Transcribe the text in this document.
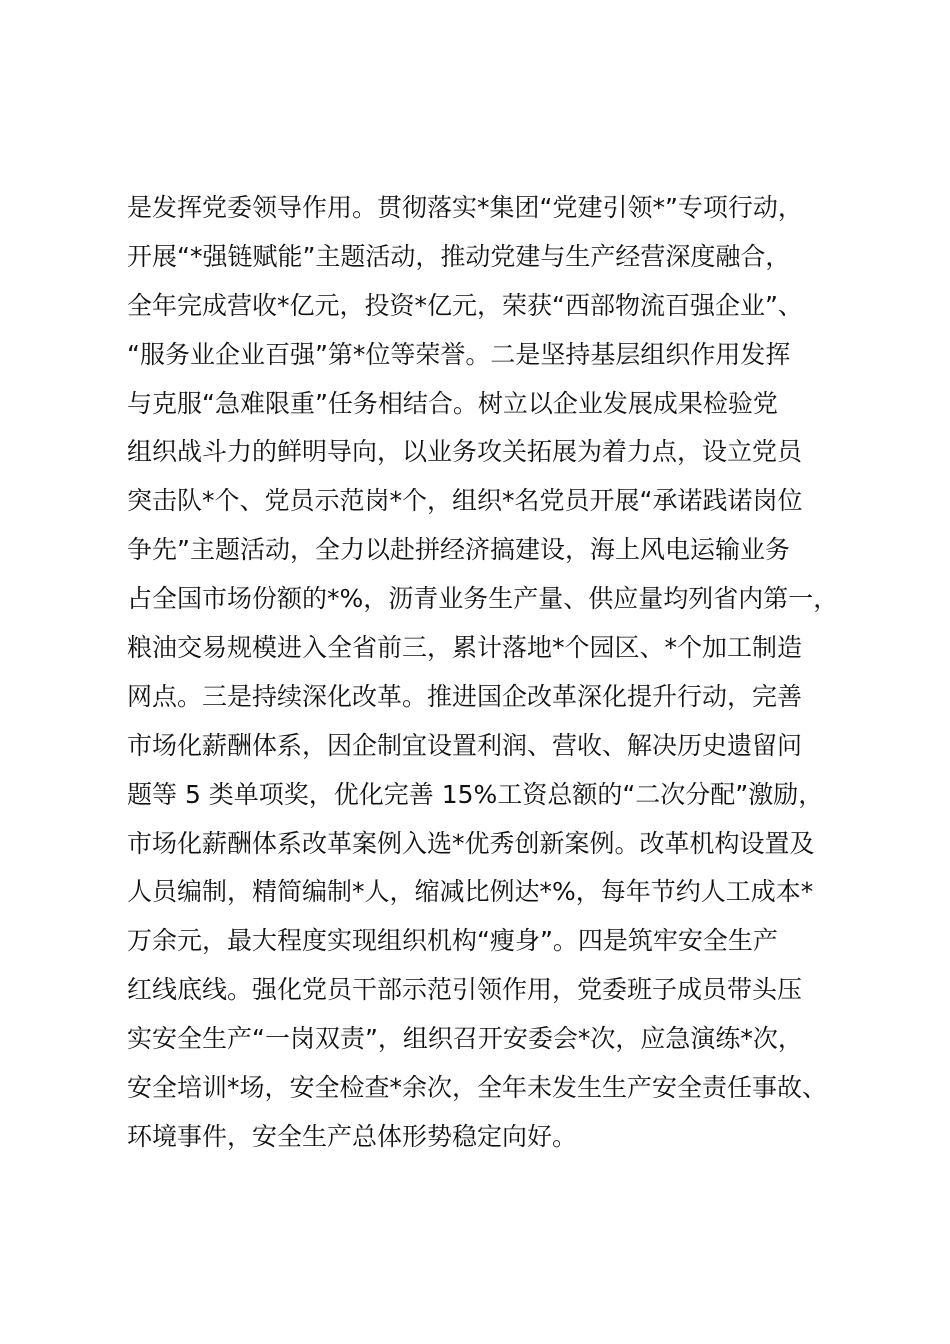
是发挥党委领导作用。贯彻落实*集团“党建引领*”专项行动，
开展“*强链赋能”主题活动，推动党建与生产经营深度融合，
全年完成营收*亿元，投资*亿元，荣获“西部物流百强企业”、
“服务业企业百强”第*位等荣誉。二是坚持基层组织作用发挥
与克服“急难限重”任务相结合。树立以企业发展成果检验党
组织战斗力的鲜明导向，以业务攻关拓展为着力点，设立党员
突击队*个、党员示范岗*个，组织*名党员开展“承诺践诺岗位
争先”主题活动，全力以赴拼经济搞建设，海上风电运输业务
占全国市场份额的*%，沥青业务生产量、供应量均列省内第一，
粮油交易规模进入全省前三，累计落地*个园区、*个加工制造
网点。三是持续深化改革。推进国企改革深化提升行动，完善
市场化薪酬体系，因企制宜设置利润、营收、解决历史遗留问
题等 5 类单项奖，优化完善 15%工资总额的“二次分配”激励，
市场化薪酬体系改革案例入选*优秀创新案例。改革机构设置及
人员编制，精简编制*人，缩减比例达*%，每年节约人工成本*
万余元，最大程度实现组织机构“瘦身”。四是筑牢安全生产
红线底线。强化党员干部示范引领作用，党委班子成员带头压
实安全生产“一岗双责”，组织召开安委会*次，应急演练*次，
安全培训*场，安全检查*余次，全年未发生生产安全责任事故、
环境事件，安全生产总体形势稳定向好。
